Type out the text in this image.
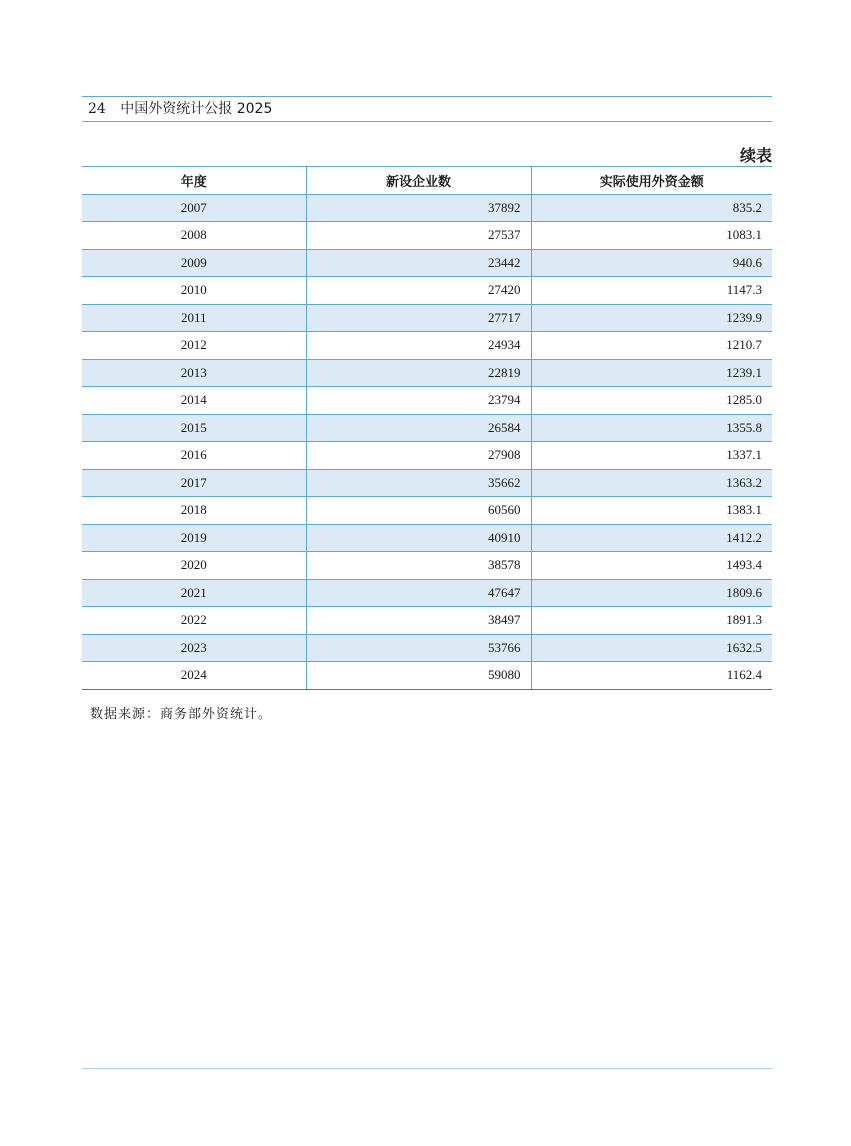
24 中国外资统计公报 2025
续表
年度	新设企业数	实际使用外资金额
2007	37892	835.2
2008	27537	1083.1
2009	23442	940.6
2010	27420	1147.3
2011	27717	1239.9
2012	24934	1210.7
2013	22819	1239.1
2014	23794	1285.0
2015	26584	1355.8
2016	27908	1337.1
2017	35662	1363.2
2018	60560	1383.1
2019	40910	1412.2
2020	38578	1493.4
2021	47647	1809.6
2022	38497	1891.3
2023	53766	1632.5
2024	59080	1162.4
数据来源：商务部外资统计。
